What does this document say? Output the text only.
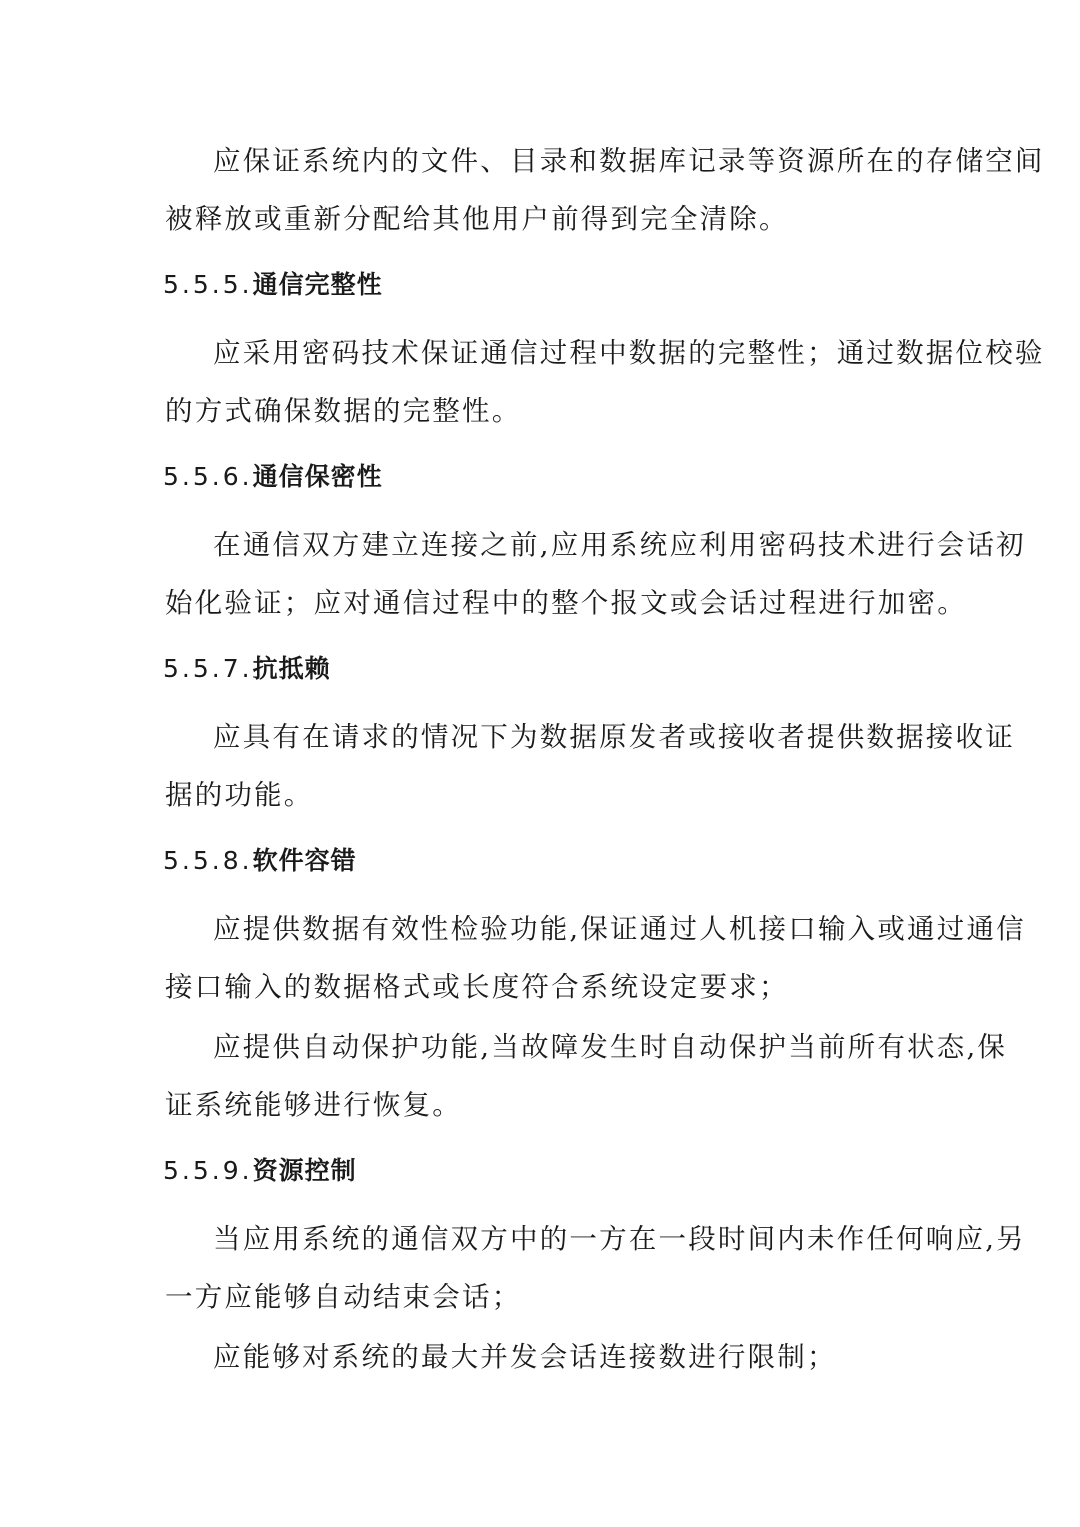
应保证系统内的文件、目录和数据库记录等资源所在的存储空间
被释放或重新分配给其他用户前得到完全清除。
5.5.5.通信完整性
应采用密码技术保证通信过程中数据的完整性；通过数据位校验
的方式确保数据的完整性。
5.5.6.通信保密性
在通信双方建立连接之前,应用系统应利用密码技术进行会话初
始化验证；应对通信过程中的整个报文或会话过程进行加密。
5.5.7.抗抵赖
应具有在请求的情况下为数据原发者或接收者提供数据接收证
据的功能。
5.5.8.软件容错
应提供数据有效性检验功能,保证通过人机接口输入或通过通信
接口输入的数据格式或长度符合系统设定要求；
应提供自动保护功能,当故障发生时自动保护当前所有状态,保
证系统能够进行恢复。
5.5.9.资源控制
当应用系统的通信双方中的一方在一段时间内未作任何响应,另
一方应能够自动结束会话；
应能够对系统的最大并发会话连接数进行限制；
